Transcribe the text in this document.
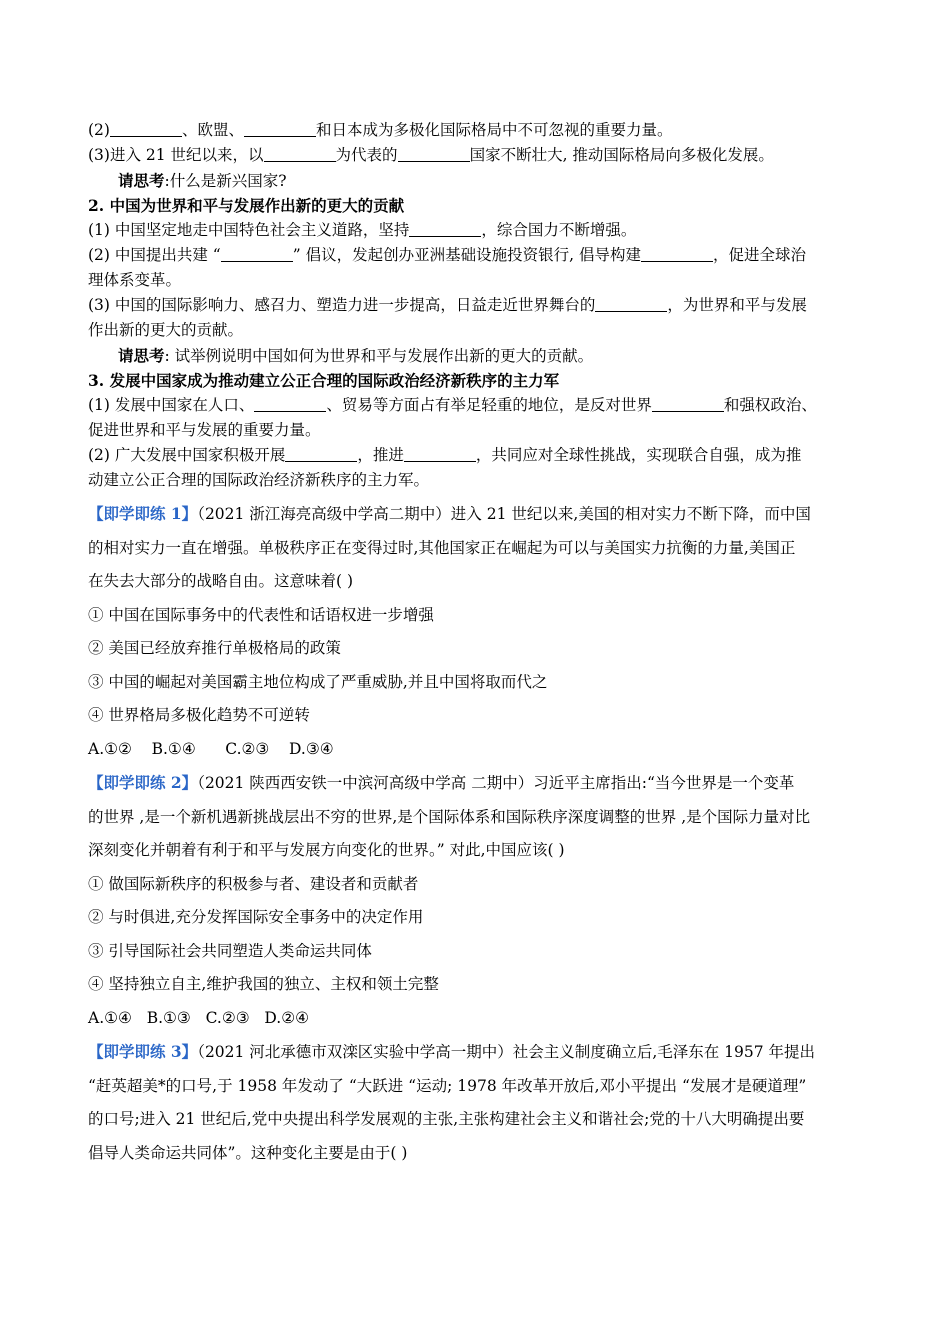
(2)	、欧盟、	和日本成为多极化国际格局中不可忽视的重要力量。
(3)进入 21 世纪以来，以	为代表的	国家不断壮大, 推动国际格局向多极化发展。
请思考:什么是新兴国家?
2. 中国为世界和平与发展作出新的更大的贡献
(1) 中国坚定地走中国特色社会主义道路，坚持	，综合国力不断增强。
(2) 中国提出共建 “	” 倡议，发起创办亚洲基础设施投资银行, 倡导构建	，促进全球治
理体系变革。
(3) 中国的国际影响力、感召力、塑造力进一步提高，日益走近世界舞台的	，为世界和平与发展
作出新的更大的贡献。
请思考: 试举例说明中国如何为世界和平与发展作出新的更大的贡献。
3. 发展中国家成为推动建立公正合理的国际政治经济新秩序的主力军
(1) 发展中国家在人口、	、贸易等方面占有举足轻重的地位，是反对世界	和强权政治、
促进世界和平与发展的重要力量。
(2) 广大发展中国家积极开展	，推进	，共同应对全球性挑战，实现联合自强，成为推
动建立公正合理的国际政治经济新秩序的主力军。
【即学即练 1】（2021 浙江海亮高级中学高二期中）进入 21 世纪以来,美国的相对实力不断下降，而中国
的相对实力一直在增强。单极秩序正在变得过时,其他国家正在崛起为可以与美国实力抗衡的力量,美国正
在失去大部分的战略自由。这意味着( )
① 中国在国际事务中的代表性和话语权进一步增强
② 美国已经放弃推行单极格局的政策
③ 中国的崛起对美国霸主地位构成了严重威胁,并且中国将取而代之
④ 世界格局多极化趋势不可逆转
A.①②    B.①④      C.②③    D.③④
【即学即练 2】（2021 陕西西安铁一中滨河高级中学高 二期中）习近平主席指出:“当今世界是一个变革
的世界 ,是一个新机遇新挑战层出不穷的世界,是个国际体系和国际秩序深度调整的世界 ,是个国际力量对比
深刻变化并朝着有利于和平与发展方向变化的世界。” 对此,中国应该( )
① 做国际新秩序的积极参与者、建设者和贡献者
② 与时俱进,充分发挥国际安全事务中的决定作用
③ 引导国际社会共同塑造人类命运共同体
④ 坚持独立自主,维护我国的独立、主权和领土完整
A.①④   B.①③   C.②③   D.②④
【即学即练 3】（2021 河北承德市双滦区实验中学高一期中）社会主义制度确立后,毛泽东在 1957 年提出
“赶英超美*的口号,于 1958 年发动了 “大跃进 “运动; 1978 年改革开放后,邓小平提出 “发展才是硬道理”
的口号;进入 21 世纪后,党中央提出科学发展观的主张,主张构建社会主义和谐社会;党的十八大明确提出要
倡导人类命运共同体”。这种变化主要是由于( )
